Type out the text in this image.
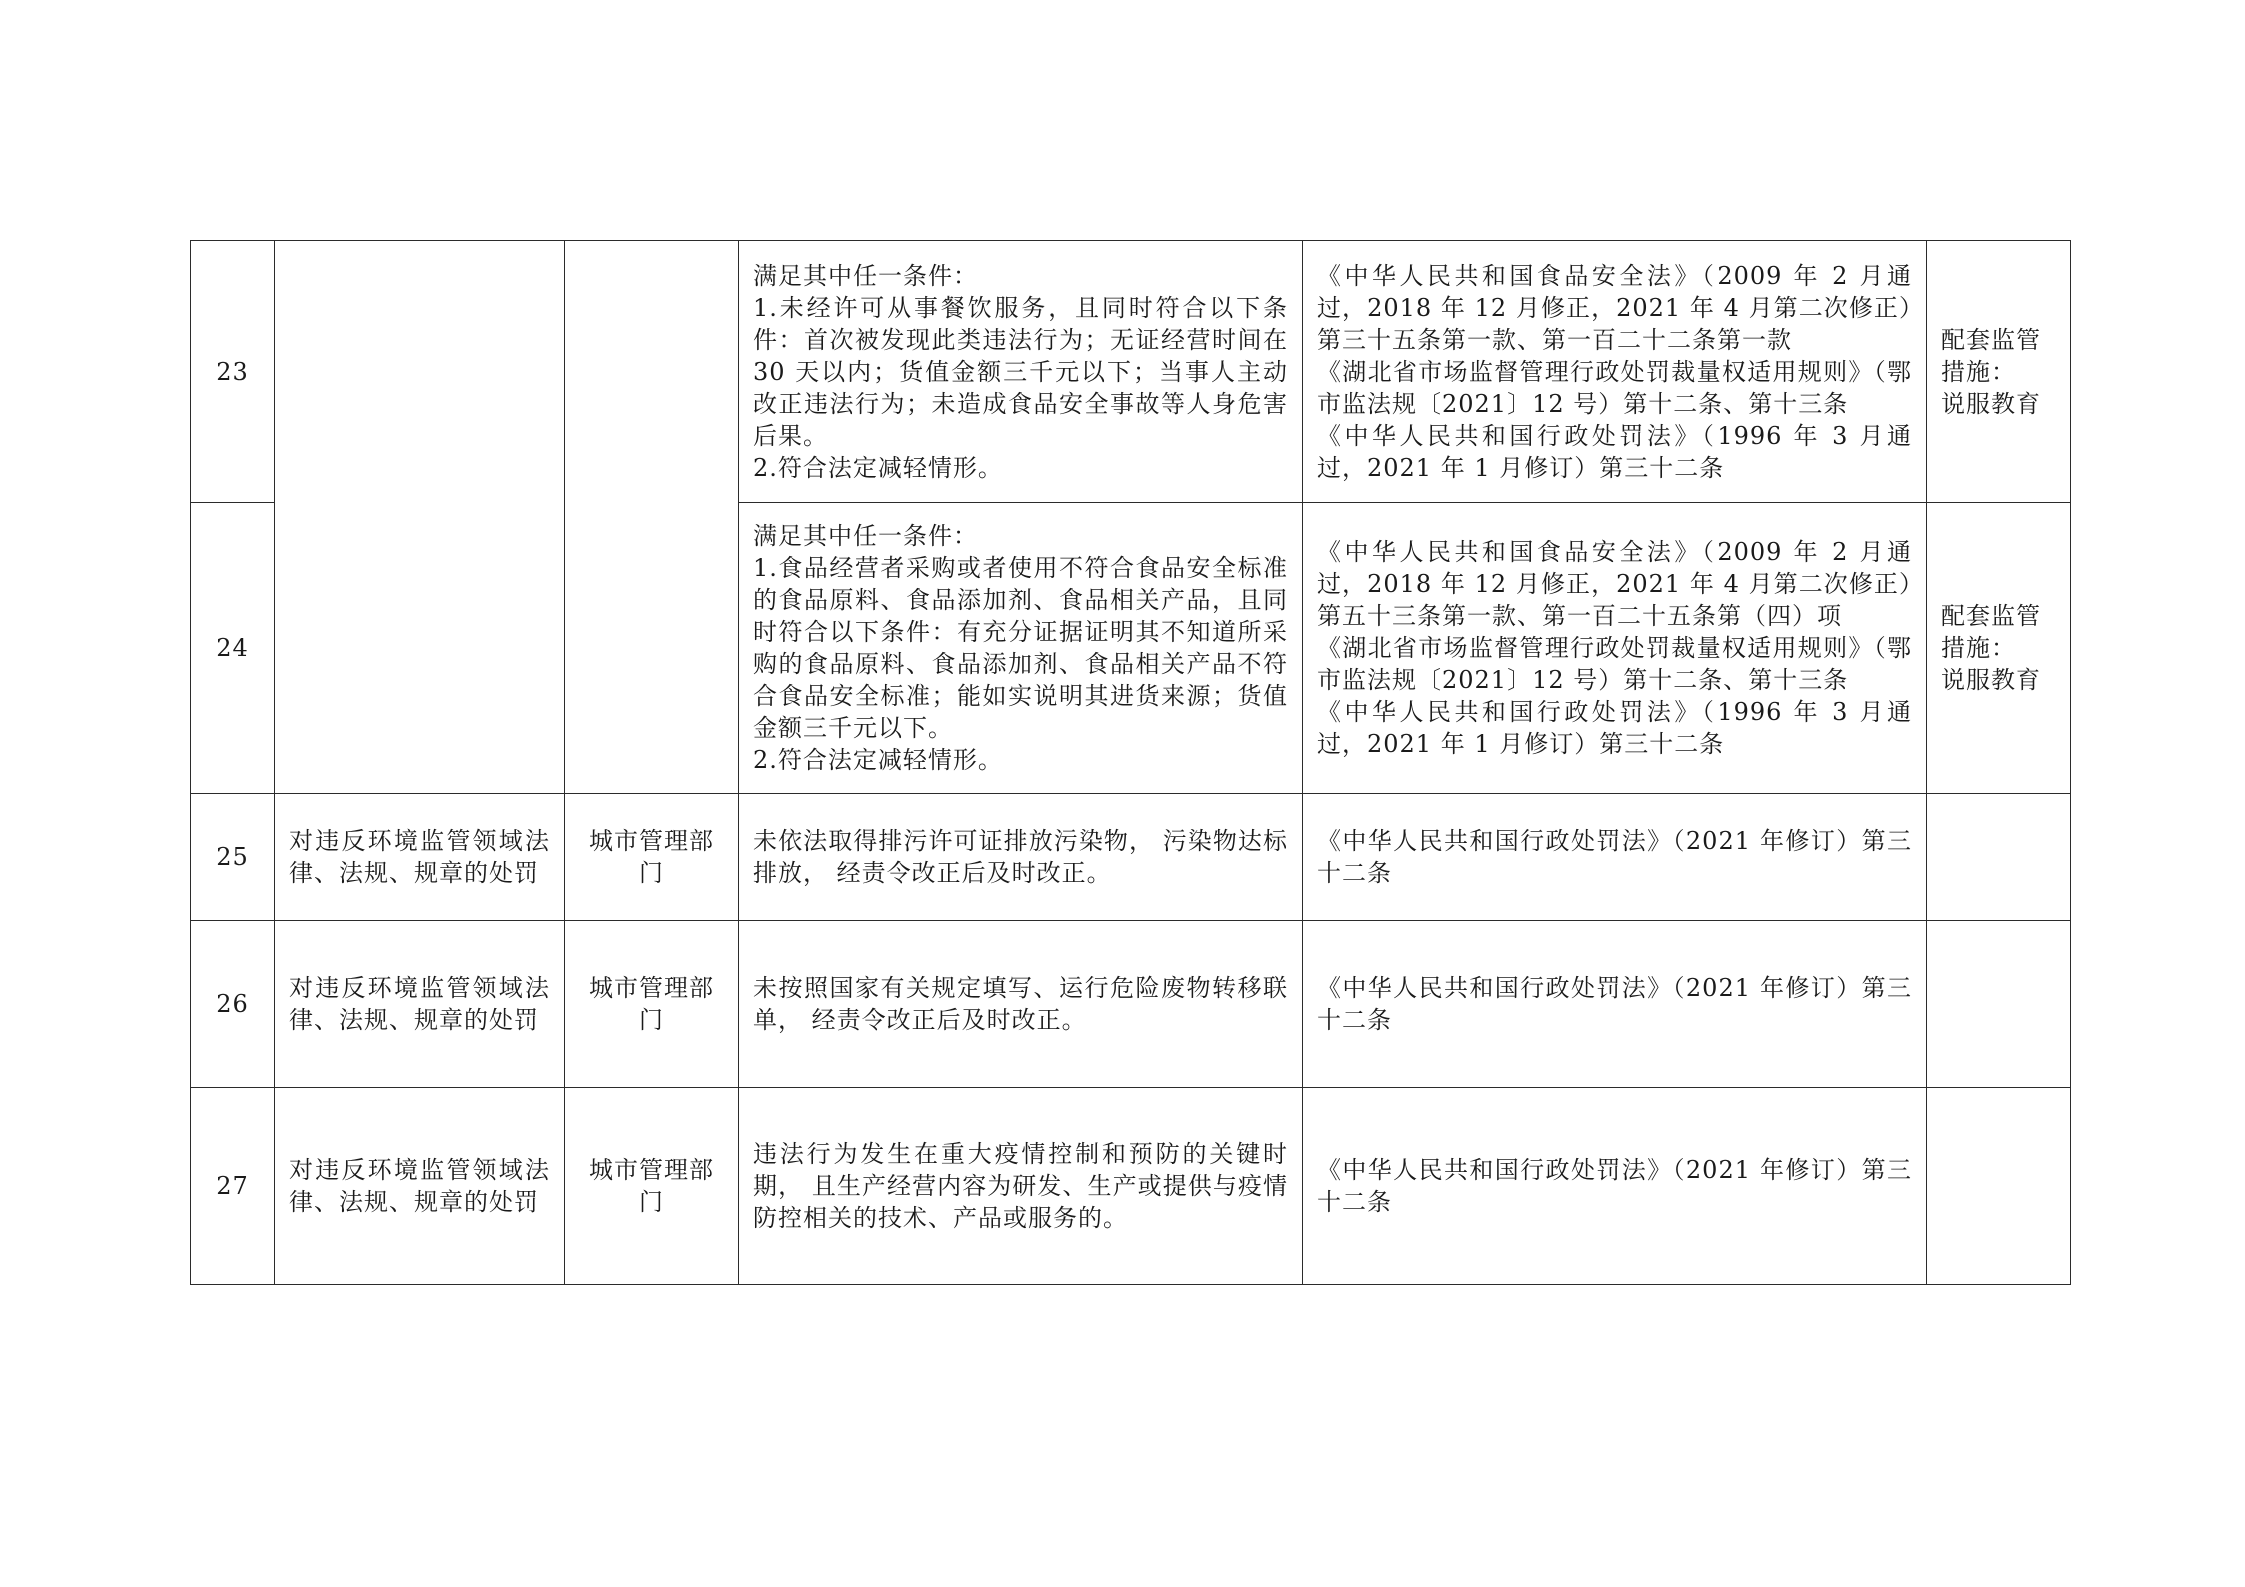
23			满足其中任一条件：
1.未经许可从事餐饮服务，且同时符合以下条件：首次被发现此类违法行为；无证经营时间在 30 天以内；货值金额三千元以下；当事人主动改正违法行为；未造成食品安全事故等人身危害后果。
2.符合法定减轻情形。	《中华人民共和国食品安全法》（2009 年 2 月通过，2018 年 12 月修正，2021 年 4 月第二次修正）第三十五条第一款、第一百二十二条第一款
《湖北省市场监督管理行政处罚裁量权适用规则》（鄂市监法规〔2021〕12 号）第十二条、第十三条
《中华人民共和国行政处罚法》（1996 年 3 月通过，2021 年 1 月修订）第三十二条	配套监管
措施：
说服教育

24			满足其中任一条件：
1.食品经营者采购或者使用不符合食品安全标准的食品原料、食品添加剂、食品相关产品，且同时符合以下条件：有充分证据证明其不知道所采购的食品原料、食品添加剂、食品相关产品不符合食品安全标准；能如实说明其进货来源；货值金额三千元以下。
2.符合法定减轻情形。	《中华人民共和国食品安全法》（2009 年 2 月通过，2018 年 12 月修正，2021 年 4 月第二次修正）第五十三条第一款、第一百二十五条第（四）项
《湖北省市场监督管理行政处罚裁量权适用规则》（鄂市监法规〔2021〕12 号）第十二条、第十三条
《中华人民共和国行政处罚法》（1996 年 3 月通过，2021 年 1 月修订）第三十二条	配套监管
措施：
说服教育

25	对违反环境监管领域法律、法规、规章的处罚	城市管理部门	未依法取得排污许可证排放污染物， 污染物达标排放， 经责令改正后及时改正。	《中华人民共和国行政处罚法》（2021 年修订）第三十二条	

26	对违反环境监管领域法律、法规、规章的处罚	城市管理部门	未按照国家有关规定填写、运行危险废物转移联单， 经责令改正后及时改正。	《中华人民共和国行政处罚法》（2021 年修订）第三十二条	

27	对违反环境监管领域法律、法规、规章的处罚	城市管理部门	违法行为发生在重大疫情控制和预防的关键时期， 且生产经营内容为研发、生产或提供与疫情防控相关的技术、产品或服务的。	《中华人民共和国行政处罚法》（2021 年修订）第三十二条	
